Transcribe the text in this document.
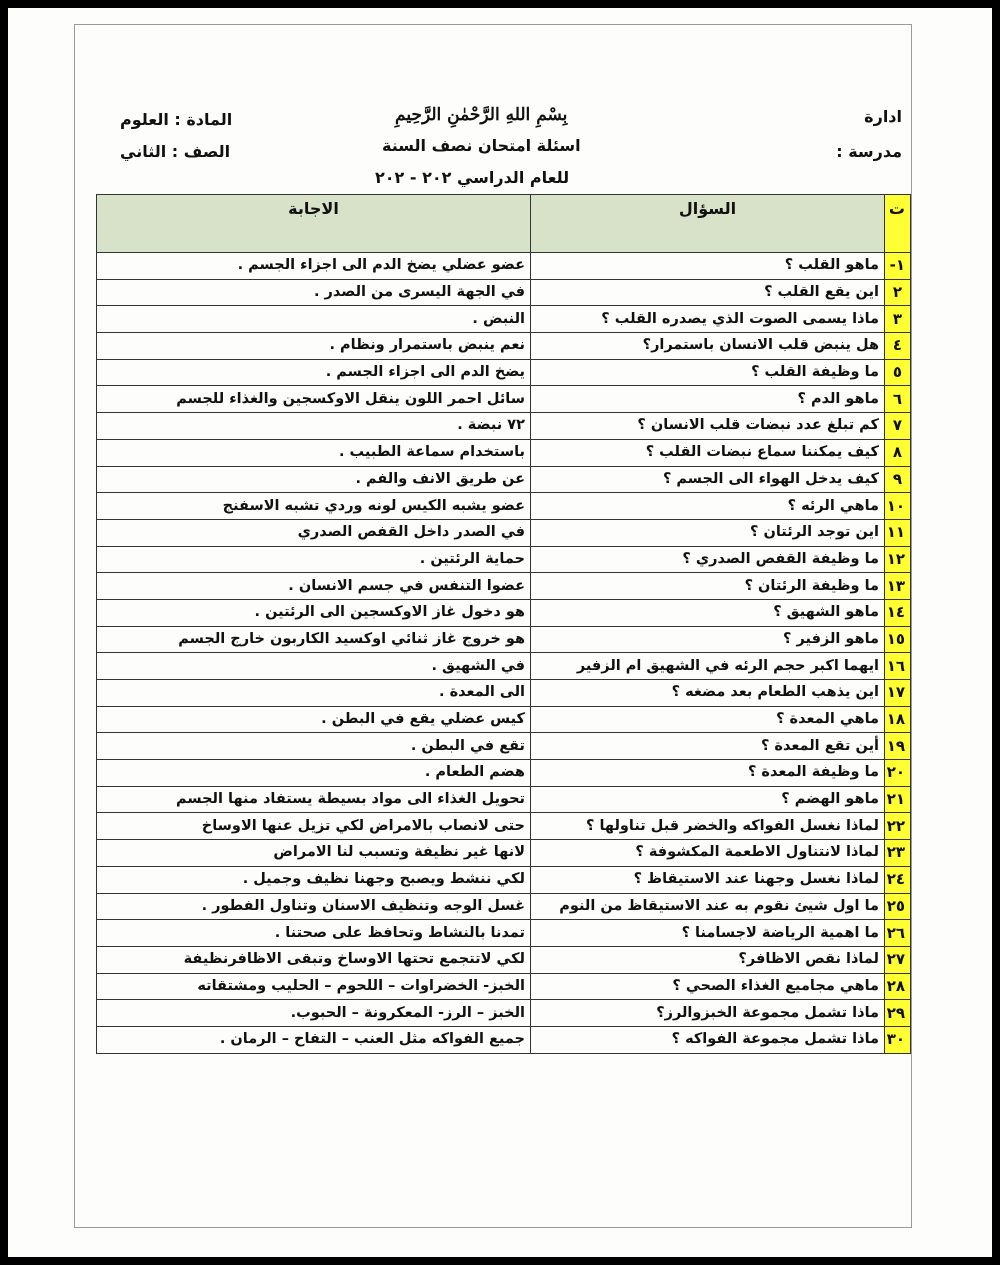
ادارة
مدرسة :
بِسْمِ اللهِ الرَّحْمٰنِ الرَّحِيمِ
اسئلة امتحان نصف السنة
للعام الدراسي ٢٠٢ - ٢٠٢
المادة : العلوم
الصف : الثاني
ت	السؤال	الاجابة
١-	ماهو القلب ؟	عضو عضلي يضخ الدم الى اجزاء الجسم .
٢	اين يقع القلب ؟	في الجهة اليسرى من الصدر .
٣	ماذا يسمى الصوت الذي يصدره القلب ؟	النبض .
٤	هل ينبض قلب الانسان باستمرار؟	نعم ينبض باستمرار ونظام .
٥	ما وظيفة القلب ؟	يضخ الدم الى اجزاء الجسم .
٦	ماهو الدم ؟	سائل احمر اللون ينقل الاوكسجين والغذاء للجسم
٧	كم تبلغ عدد نبضات قلب الانسان ؟	٧٢ نبضة .
٨	كيف يمكننا سماع نبضات القلب ؟	باستخدام سماعة الطبيب .
٩	كيف يدخل الهواء الى الجسم ؟	عن طريق الانف والفم .
١٠	ماهي الرئه ؟	عضو يشبه الكيس لونه وردي تشبه الاسفنج
١١	اين توجد الرئتان ؟	في الصدر داخل القفص الصدري
١٢	ما وظيفة القفص الصدري ؟	حماية الرئتين .
١٣	ما وظيفة الرئتان ؟	عضوا التنفس في جسم الانسان .
١٤	ماهو الشهيق ؟	هو دخول غاز الاوكسجين الى الرئتين .
١٥	ماهو الزفير ؟	هو خروج غاز ثنائي اوكسيد الكاربون خارج الجسم
١٦	ايهما اكبر حجم الرئه في الشهيق ام الزفير	في الشهيق .
١٧	اين يذهب الطعام بعد مضغه ؟	الى المعدة .
١٨	ماهي المعدة ؟	كيس عضلي يقع في البطن .
١٩	أين تقع المعدة ؟	تقع في البطن .
٢٠	ما وظيفة المعدة ؟	هضم الطعام .
٢١	ماهو الهضم ؟	تحويل الغذاء الى مواد بسيطة يستفاد منها الجسم
٢٢	لماذا نغسل الفواكه والخضر قبل تناولها ؟	حتى لانصاب بالامراض لكي تزيل عنها الاوساخ
٢٣	لماذا لانتناول الاطعمة المكشوفة ؟	لانها غير نظيفة وتسبب لنا الامراض
٢٤	لماذا نغسل وجهنا عند الاستيقاظ ؟	لكي ننشط ويصبح وجهنا نظيف وجميل .
٢٥	ما اول شيئ نقوم به عند الاستيقاظ من النوم	غسل الوجه وتنظيف الاسنان وتناول الفطور .
٢٦	ما اهمية الرياضة لاجسامنا ؟	تمدنا بالنشاط وتحافظ على صحتنا .
٢٧	لماذا نقص الاظافر؟	لكي لاتتجمع تحتها الاوساخ وتبقى الاظافرنظيفة
٢٨	ماهي مجاميع الغذاء الصحي ؟	الخبز- الخضراوات – اللحوم – الحليب ومشتقاته
٢٩	ماذا تشمل مجموعة الخبزوالرز؟	الخبز – الرز- المعكرونة – الحبوب.
٣٠	ماذا تشمل مجموعة الفواكه ؟	جميع الفواكه مثل العنب – التفاح – الرمان .
